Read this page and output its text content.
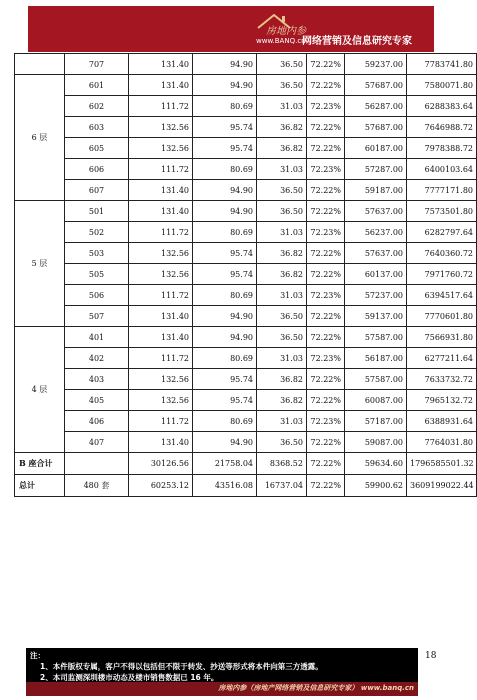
房地内参
www.BANQ.cn
网络营销及信息研究专家
	707	131.40	94.90	36.50	72.22%	59237.00	7783741.80
6 层	601	131.40	94.90	36.50	72.22%	57687.00	7580071.80
	602	111.72	80.69	31.03	72.23%	56287.00	6288383.64
	603	132.56	95.74	36.82	72.22%	57687.00	7646988.72
	605	132.56	95.74	36.82	72.22%	60187.00	7978388.72
	606	111.72	80.69	31.03	72.23%	57287.00	6400103.64
	607	131.40	94.90	36.50	72.22%	59187.00	7777171.80
5 层	501	131.40	94.90	36.50	72.22%	57637.00	7573501.80
	502	111.72	80.69	31.03	72.23%	56237.00	6282797.64
	503	132.56	95.74	36.82	72.22%	57637.00	7640360.72
	505	132.56	95.74	36.82	72.22%	60137.00	7971760.72
	506	111.72	80.69	31.03	72.23%	57237.00	6394517.64
	507	131.40	94.90	36.50	72.22%	59137.00	7770601.80
4 层	401	131.40	94.90	36.50	72.22%	57587.00	7566931.80
	402	111.72	80.69	31.03	72.23%	56187.00	6277211.64
	403	132.56	95.74	36.82	72.22%	57587.00	7633732.72
	405	132.56	95.74	36.82	72.22%	60087.00	7965132.72
	406	111.72	80.69	31.03	72.23%	57187.00	6388931.64
	407	131.40	94.90	36.50	72.22%	59087.00	7764031.80
B 座合计		30126.56	21758.04	8368.52	72.22%	59634.60	1796585501.32
总计	480 套	60253.12	43516.08	16737.04	72.22%	59900.62	3609199022.44
18
注：
1、本件版权专属，客户不得以包括但不限于转发、抄送等形式将本件向第三方透露。
2、本司监测深圳楼市动态及楼市销售数据已 16 年。
房地内参（房地产网络营销及信息研究专家） www.banq.cn
